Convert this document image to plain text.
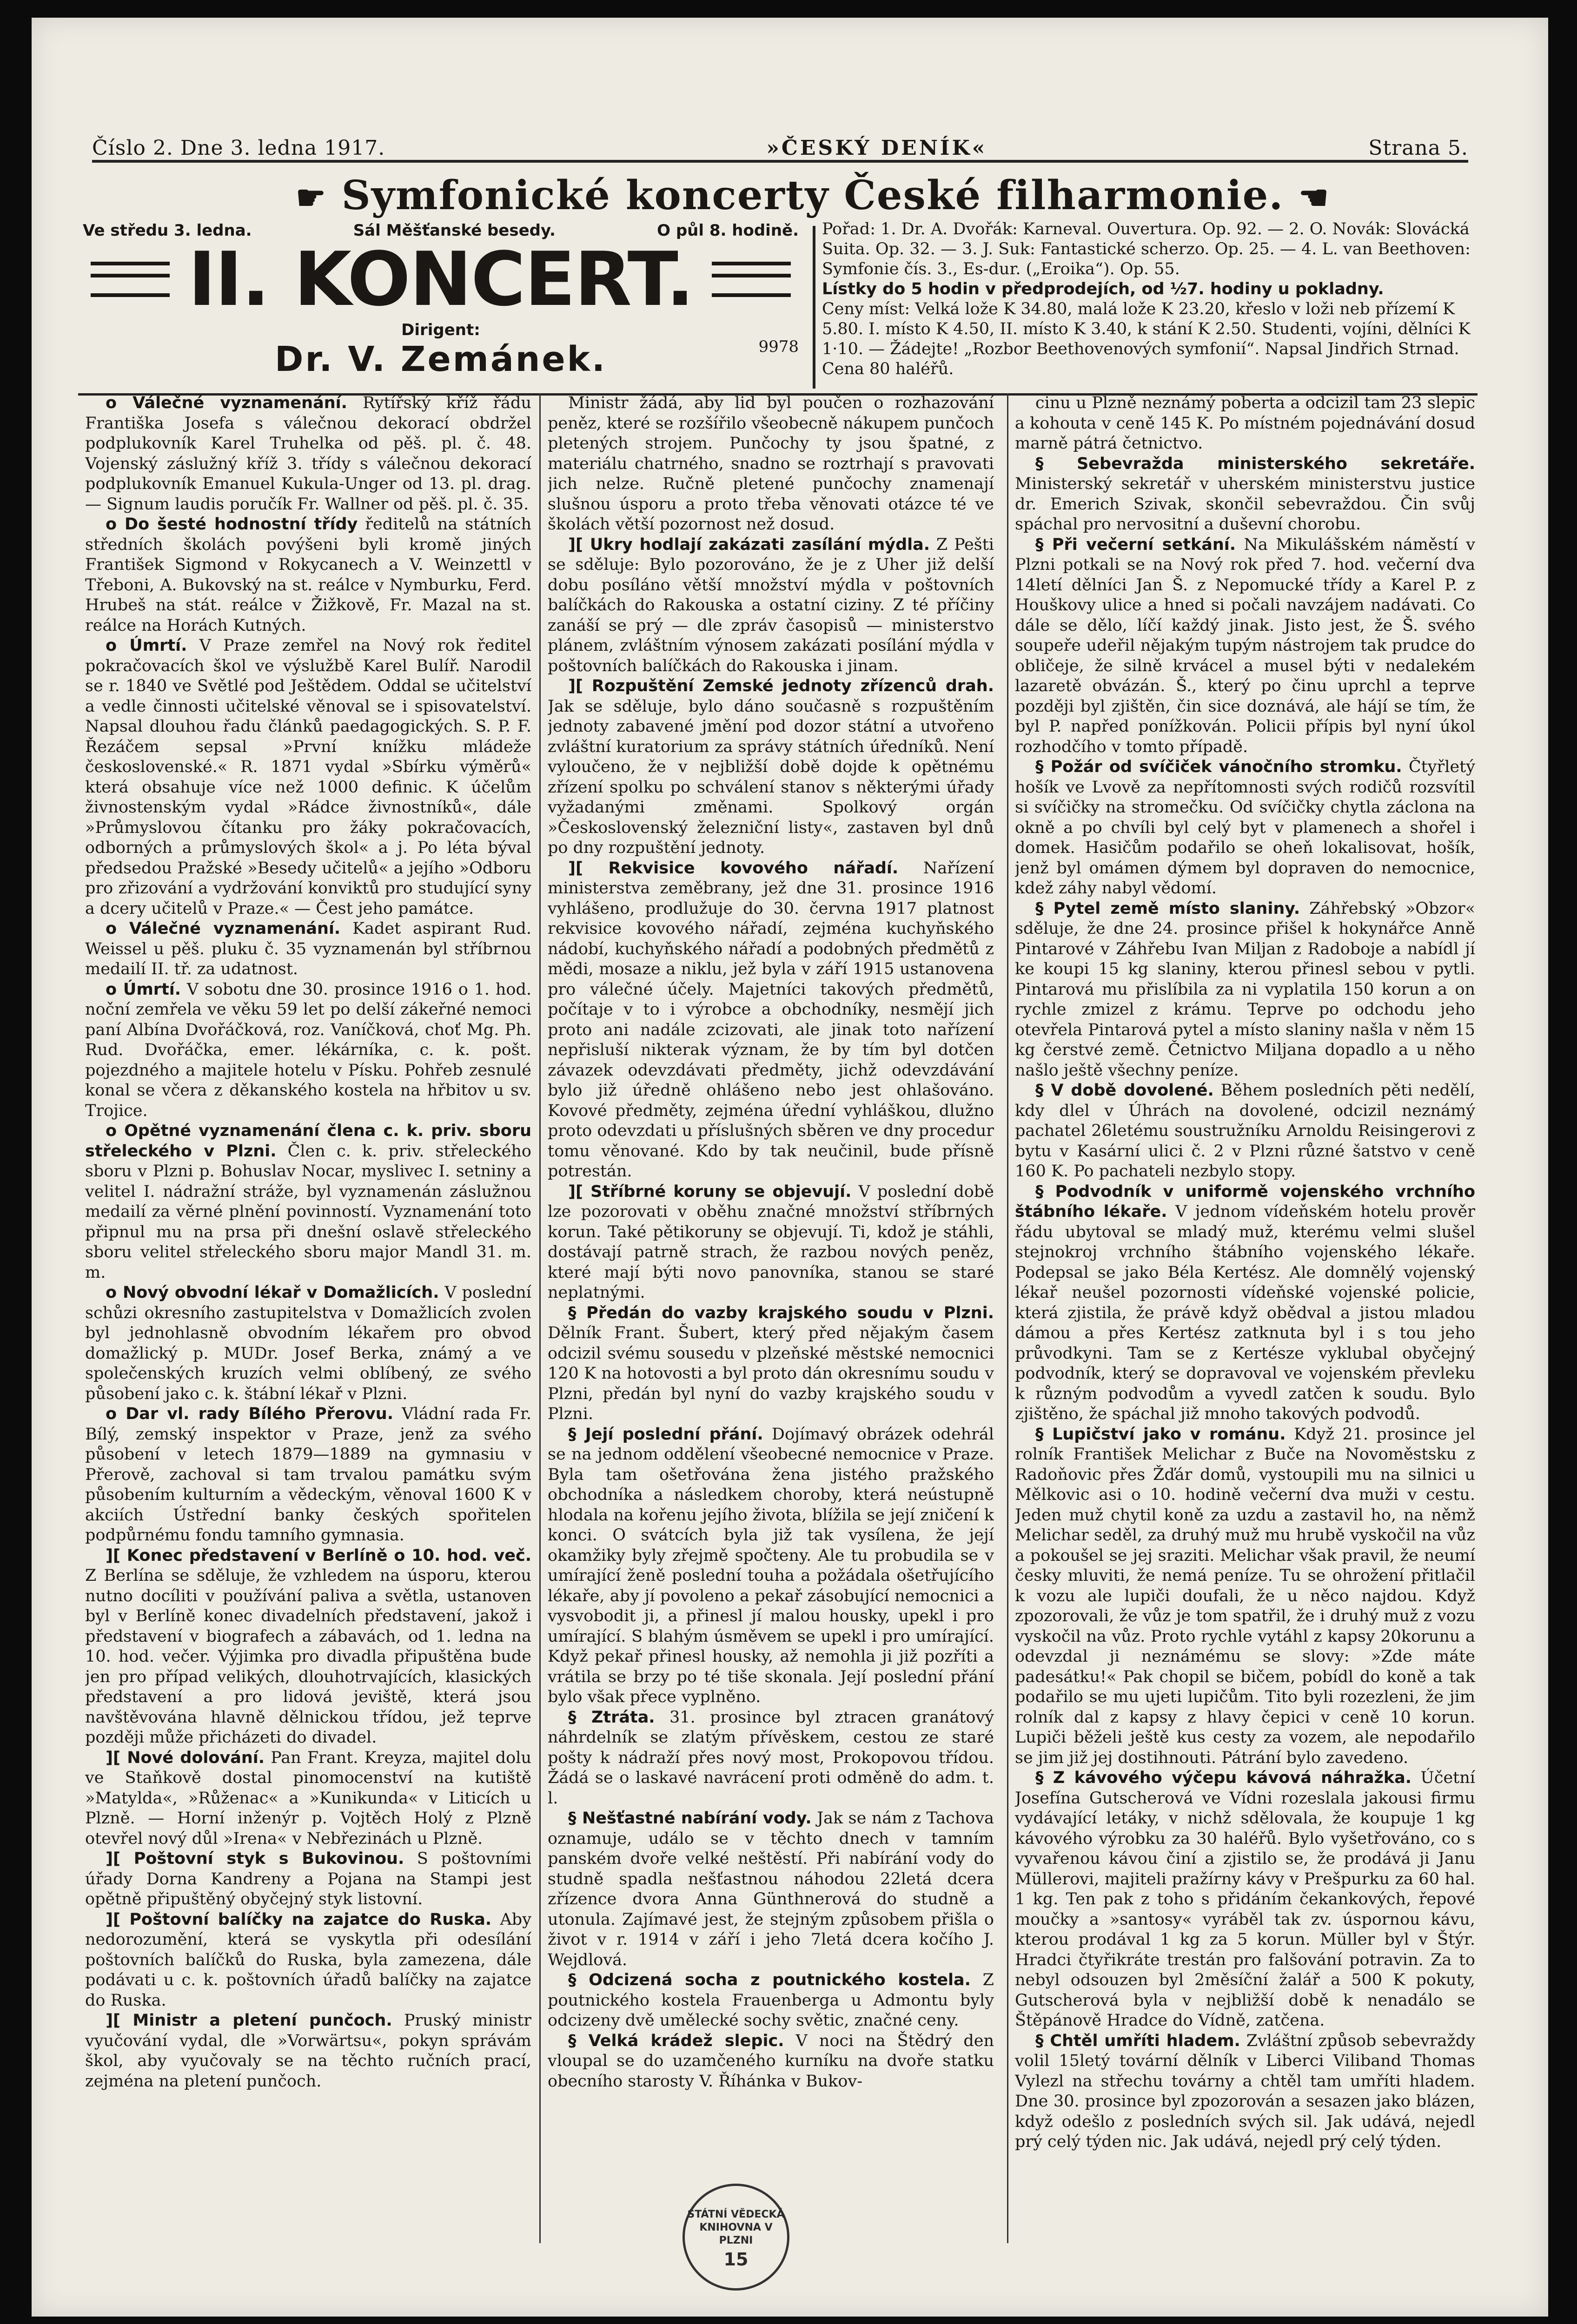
Číslo 2. Dne 3. ledna 1917.	»ČESKÝ DENÍK«	Strana 5.
☛ Symfonické koncerty České filharmonie. ☚
Ve středu 3. ledna.	Sál Měšťanské besedy.	O půl 8. hodině.
II. KONCERT.
Dirigent:
Dr. V. Zemánek.	9978
Pořad: 1. Dr. A. Dvořák: Karneval. Ouvertura. Op. 92. — 2. O. Novák: Slovácká Suita. Op. 32. — 3. J. Suk: Fantastické scherzo. Op. 25. — 4. L. van Beethoven: Symfonie čís. 3., Es-dur. („Eroika“). Op. 55.
Lístky do 5 hodin v předprodejích, od ½7. hodiny u pokladny.
Ceny míst: Velká lože K 34.80, malá lože K 23.20, křeslo v loži neb přízemí K 5.80. I. místo K 4.50, II. místo K 3.40, k stání K 2.50. Studenti, vojíni, dělníci K 1·10. — Žádejte! „Rozbor Beethovenových symfonií“. Napsal Jindřich Strnad. Cena 80 haléřů.

o Válečné vyznamenání. Rytířský kříž řádu Františka Josefa s válečnou dekorací obdržel podplukovník Karel Truhelka od pěš. pl. č. 48. Vojenský záslužný kříž 3. třídy s válečnou dekorací podplukovník Emanuel Kukula-Unger od 13. pl. drag. — Signum laudis poručík Fr. Wallner od pěš. pl. č. 35.

o Do šesté hodnostní třídy ředitelů na státních středních školách povýšeni byli kromě jiných František Sigmond v Rokycanech a V. Weinzettl v Třeboni, A. Bukovský na st. reálce v Nymburku, Ferd. Hrubeš na stát. reálce v Žižkově, Fr. Mazal na st. reálce na Horách Kutných.

o Úmrtí. V Praze zemřel na Nový rok ředitel pokračovacích škol ve výslužbě Karel Bulíř. Narodil se r. 1840 ve Světlé pod Ještědem. Oddal se učitelství a vedle činnosti učitelské věnoval se i spisovatelství. Napsal dlouhou řadu článků paedagogických. S. P. F. Řezáčem sepsal »První knížku mládeže československé.« R. 1871 vydal »Sbírku výměrů« která obsahuje více než 1000 definic. K účelům živnostenským vydal »Rádce živnostníků«, dále »Průmyslovou čítanku pro žáky pokračovacích, odborných a průmyslových škol« a j. Po léta býval předsedou Pražské »Besedy učitelů« a jejího »Odboru pro zřizování a vydržování konviktů pro studující syny a dcery učitelů v Praze.« — Čest jeho památce.

o Válečné vyznamenání. Kadet aspirant Rud. Weissel u pěš. pluku č. 35 vyznamenán byl stříbrnou medailí II. tř. za udatnost.

o Úmrtí. V sobotu dne 30. prosince 1916 o 1. hod. noční zemřela ve věku 59 let po delší zákeřné nemoci paní Albína Dvořáčková, roz. Vaníčková, choť Mg. Ph. Rud. Dvořáčka, emer. lékárníka, c. k. pošt. pojezdného a majitele hotelu v Písku. Pohřeb zesnulé konal se včera z děkanského kostela na hřbitov u sv. Trojice.

o Opětné vyznamenání člena c. k. priv. sboru střeleckého v Plzni. Člen c. k. priv. střeleckého sboru v Plzni p. Bohuslav Nocar, myslivec I. setniny a velitel I. nádražní stráže, byl vyznamenán záslužnou medailí za věrné plnění povinností. Vyznamenání toto připnul mu na prsa při dnešní oslavě střeleckého sboru velitel střeleckého sboru major Mandl 31. m. m.

o Nový obvodní lékař v Domažlicích. V poslední schůzi okresního zastupitelstva v Domažlicích zvolen byl jednohlasně obvodním lékařem pro obvod domažlický p. MUDr. Josef Berka, známý a ve společenských kruzích velmi oblíbený, ze svého působení jako c. k. štábní lékař v Plzni.

o Dar vl. rady Bílého Přerovu. Vládní rada Fr. Bílý, zemský inspektor v Praze, jenž za svého působení v letech 1879—1889 na gymnasiu v Přerově, zachoval si tam trvalou památku svým působením kulturním a vědeckým, věnoval 1600 K v akciích Ústřední banky českých spořitelen podpůrnému fondu tamního gymnasia.

][ Konec představení v Berlíně o 10. hod. več. Z Berlína se sděluje, že vzhledem na úsporu, kterou nutno docíliti v používání paliva a světla, ustanoven byl v Berlíně konec divadelních představení, jakož i představení v biografech a zábavách, od 1. ledna na 10. hod. večer. Výjimka pro divadla připuštěna bude jen pro případ velikých, dlouhotrvajících, klasických představení a pro lidová jeviště, která jsou navštěvována hlavně dělnickou třídou, jež teprve později může přicházeti do divadel.

][ Nové dolování. Pan Frant. Kreyza, majitel dolu ve Staňkově dostal pinomocenství na kutiště »Matylda«, »Růženac« a »Kunikunda« v Liticích u Plzně. — Horní inženýr p. Vojtěch Holý z Plzně otevřel nový důl »Irena« v Nebřezinách u Plzně.

][ Poštovní styk s Bukovinou. S poštovními úřady Dorna Kandreny a Pojana na Stampi jest opětně připuštěný obyčejný styk listovní.

][ Poštovní balíčky na zajatce do Ruska. Aby nedorozumění, která se vyskytla při odesílání poštovních balíčků do Ruska, byla zamezena, dále podávati u c. k. poštovních úřadů balíčky na zajatce do Ruska.

][ Ministr a pletení punčoch. Pruský ministr vyučování vydal, dle »Vorwärtsu«, pokyn správám škol, aby vyučovaly se na těchto ručních prací, zejména na pletení punčoch.

Ministr žádá, aby lid byl poučen o rozhazování peněz, které se rozšířilo všeobecně nákupem punčoch pletených strojem. Punčochy ty jsou špatné, z materiálu chatrného, snadno se roztrhají s pravovati jich nelze. Ručně pletené punčochy znamenají slušnou úsporu a proto třeba věnovati otázce té ve školách větší pozornost než dosud.

][ Ukry hodlají zakázati zasílání mýdla. Z Pešti se sděluje: Bylo pozorováno, že je z Uher již delší dobu posíláno větší množství mýdla v poštovních balíčkách do Rakouska a ostatní ciziny. Z té příčiny zanáší se prý — dle zpráv časopisů — ministerstvo plánem, zvláštním výnosem zakázati posílání mýdla v poštovních balíčkách do Rakouska i jinam.

][ Rozpuštění Zemské jednoty zřízenců drah. Jak se sděluje, bylo dáno současně s rozpuštěním jednoty zabavené jmění pod dozor státní a utvořeno zvláštní kuratorium za správy státních úředníků. Není vyloučeno, že v nejbližší době dojde k opětnému zřízení spolku po schválení stanov s některými úřady vyžadanými změnami. Spolkový orgán »Československý železniční listy«, zastaven byl dnů po dny rozpuštění jednoty.

][ Rekvisice kovového nářadí. Nařízení ministerstva zeměbrany, jež dne 31. prosince 1916 vyhlášeno, prodlužuje do 30. června 1917 platnost rekvisice kovového nářadí, zejména kuchyňského nádobí, kuchyňského nářadí a podobných předmětů z mědi, mosaze a niklu, jež byla v září 1915 ustanovena pro válečné účely. Majetníci takových předmětů, počítaje v to i výrobce a obchodníky, nesmějí jich proto ani nadále zcizovati, ale jinak toto nařízení nepřisluší nikterak význam, že by tím byl dotčen závazek odevzdávati předměty, jichž odevzdávání bylo již úředně ohlášeno nebo jest ohlašováno. Kovové předměty, zejména úřední vyhláškou, dlužno proto odevzdati u příslušných sběren ve dny procedur tomu věnované. Kdo by tak neučinil, bude přísně potrestán.

][ Stříbrné koruny se objevují. V poslední době lze pozorovati v oběhu značné množství stříbrných korun. Také pětikoruny se objevují. Ti, kdož je stáhli, dostávají patrně strach, že razbou nových peněz, které mají býti novo panovníka, stanou se staré neplatnými.

§ Předán do vazby krajského soudu v Plzni. Dělník Frant. Šubert, který před nějakým časem odcizil svému sousedu v plzeňské městské nemocnici 120 K na hotovosti a byl proto dán okresnímu soudu v Plzni, předán byl nyní do vazby krajského soudu v Plzni.

§ Její poslední přání. Dojímavý obrázek odehrál se na jednom oddělení všeobecné nemocnice v Praze. Byla tam ošetřována žena jistého pražského obchodníka a následkem choroby, která neústupně hlodala na kořenu jejího života, blížila se její zničení k konci. O svátcích byla již tak vysílena, že její okamžiky byly zřejmě spočteny. Ale tu probudila se v umírající ženě poslední touha a požádala ošetřujícího lékaře, aby jí povoleno a pekař zásobující nemocnici a vysvobodit ji, a přinesl jí malou housky, upekl i pro umírající. S blahým úsměvem se upekl i pro umírající. Když pekař přinesl housky, až nemohla ji již pozříti a vrátila se brzy po té tiše skonala. Její poslední přání bylo však přece vyplněno.

§ Ztráta. 31. prosince byl ztracen granátový náhrdelník se zlatým přívěskem, cestou ze staré pošty k nádraží přes nový most, Prokopovou třídou. Žádá se o laskavé navrácení proti odměně do adm. t. l.

§ Nešťastné nabírání vody. Jak se nám z Tachova oznamuje, událo se v těchto dnech v tamním panském dvoře velké neštěstí. Při nabírání vody do studně spadla nešťastnou náhodou 22letá dcera zřízence dvora Anna Günthnerová do studně a utonula. Zajímavé jest, že stejným způsobem přišla o život v r. 1914 v září i jeho 7letá dcera kočího J. Wejdlová.

§ Odcizená socha z poutnického kostela. Z poutnického kostela Frauenberga u Admontu byly odcizeny dvě umělecké sochy světic, značné ceny.

§ Velká krádež slepic. V noci na Štědrý den vloupal se do uzamčeného kurníku na dvoře statku obecního starosty V. Říhánka v Bukov-

cinu u Plzně neznámý poberta a odcizil tam 23 slepic a kohouta v ceně 145 K. Po místném pojednávání dosud marně pátrá četnictvo.

§ Sebevražda ministerského sekretáře. Ministerský sekretář v uherském ministerstvu justice dr. Emerich Szivak, skončil sebevraždou. Čin svůj spáchal pro nervositní a duševní chorobu.

§ Při večerní setkání. Na Mikulášském náměstí v Plzni potkali se na Nový rok před 7. hod. večerní dva 14letí dělníci Jan Š. z Nepomucké třídy a Karel P. z Houškovy ulice a hned si počali navzájem nadávati. Co dále se dělo, líčí každý jinak. Jisto jest, že Š. svého soupeře udeřil nějakým tupým nástrojem tak prudce do obličeje, že silně krvácel a musel býti v nedalekém lazaretě obvázán. Š., který po činu uprchl a teprve později byl zjištěn, čin sice doznává, ale hájí se tím, že byl P. napřed ponížkován. Policii přípis byl nyní úkol rozhodčího v tomto případě.

§ Požár od svíčiček vánočního stromku. Čtyřletý hošík ve Lvově za nepřítomnosti svých rodičů rozsvítil si svíčičky na stromečku. Od svíčičky chytla záclona na okně a po chvíli byl celý byt v plamenech a shořel i domek. Hasičům podařilo se oheň lokalisovat, hošík, jenž byl omámen dýmem byl dopraven do nemocnice, kdež záhy nabyl vědomí.

§ Pytel země místo slaniny. Záhřebský »Obzor« sděluje, že dne 24. prosince přišel k hokynářce Anně Pintarové v Záhřebu Ivan Miljan z Radoboje a nabídl jí ke koupi 15 kg slaniny, kterou přinesl sebou v pytli. Pintarová mu přislíbila za ni vyplatila 150 korun a on rychle zmizel z krámu. Teprve po odchodu jeho otevřela Pintarová pytel a místo slaniny našla v něm 15 kg čerstvé země. Četnictvo Miljana dopadlo a u něho našlo ještě všechny peníze.

§ V době dovolené. Během posledních pěti nedělí, kdy dlel v Úhrách na dovolené, odcizil neznámý pachatel 26letému soustružníku Arnoldu Reisingerovi z bytu v Kasární ulici č. 2 v Plzni různé šatstvo v ceně 160 K. Po pachateli nezbylo stopy.

§ Podvodník v uniformě vojenského vrchního štábního lékaře. V jednom vídeňském hotelu prověr řádu ubytoval se mladý muž, kterému velmi slušel stejnokroj vrchního štábního vojenského lékaře. Podepsal se jako Béla Kertész. Ale domnělý vojenský lékař neušel pozornosti vídeňské vojenské policie, která zjistila, že právě když obědval a jistou mladou dámou a přes Kertész zatknuta byl i s tou jeho průvodkyni. Tam se z Kertésze vyklubal obyčejný podvodník, který se dopravoval ve vojenském převleku k různým podvodům a vyvedl zatčen k soudu. Bylo zjištěno, že spáchal již mnoho takových podvodů.

§ Lupičství jako v románu. Když 21. prosince jel rolník František Melichar z Buče na Novoměstsku z Radoňovic přes Žďár domů, vystoupili mu na silnici u Mělkovic asi o 10. hodině večerní dva muži v cestu. Jeden muž chytil koně za uzdu a zastavil ho, na němž Melichar seděl, za druhý muž mu hrubě vyskočil na vůz a pokoušel se jej sraziti. Melichar však pravil, že neumí česky mluviti, že nemá peníze. Tu se ohrožení přitlačil k vozu ale lupiči doufali, že u něco najdou. Když zpozorovali, že vůz je tom spatřil, že i druhý muž z vozu vyskočil na vůz. Proto rychle vytáhl z kapsy 20korunu a odevzdal ji neznámému se slovy: »Zde máte padesátku!« Pak chopil se bičem, pobídl do koně a tak podařilo se mu ujeti lupičům. Tito byli rozezleni, že jim rolník dal z kapsy z hlavy čepici v ceně 10 korun. Lupiči běželi ještě kus cesty za vozem, ale nepodařilo se jim již jej dostihnouti. Pátrání bylo zavedeno.

§ Z kávového výčepu kávová náhražka. Účetní Josefína Gutscherová ve Vídni rozeslala jakousi firmu vydávající letáky, v nichž sdělovala, že koupuje 1 kg kávového výrobku za 30 haléřů. Bylo vyšetřováno, co s vyvařenou kávou činí a zjistilo se, že prodává ji Janu Müllerovi, majiteli pražírny kávy v Prešpurku za 60 hal. 1 kg. Ten pak z toho s přidáním čekankových, řepové moučky a »santosy« vyráběl tak zv. úspornou kávu, kterou prodával 1 kg za 5 korun. Müller byl v Štýr. Hradci čtyřikráte trestán pro falšování potravin. Za to nebyl odsouzen byl 2měsíční žalář a 500 K pokuty, Gutscherová byla v nejbližší době k nenadálo se Štěpánově Hradce do Vídně, zatčena.

§ Chtěl umříti hladem. Zvláštní způsob sebevraždy volil 15letý tovární dělník v Liberci Viliband Thomas Vylezl na střechu továrny a chtěl tam umříti hladem. Dne 30. prosince byl zpozorován a sesazen jako blázen, když odešlo z posledních svých sil. Jak udává, nejedl prý celý týden nic. Jak udává, nejedl prý celý týden.

STÁTNÍ VĚDECKÁ KNIHOVNA V PLZNI
15
